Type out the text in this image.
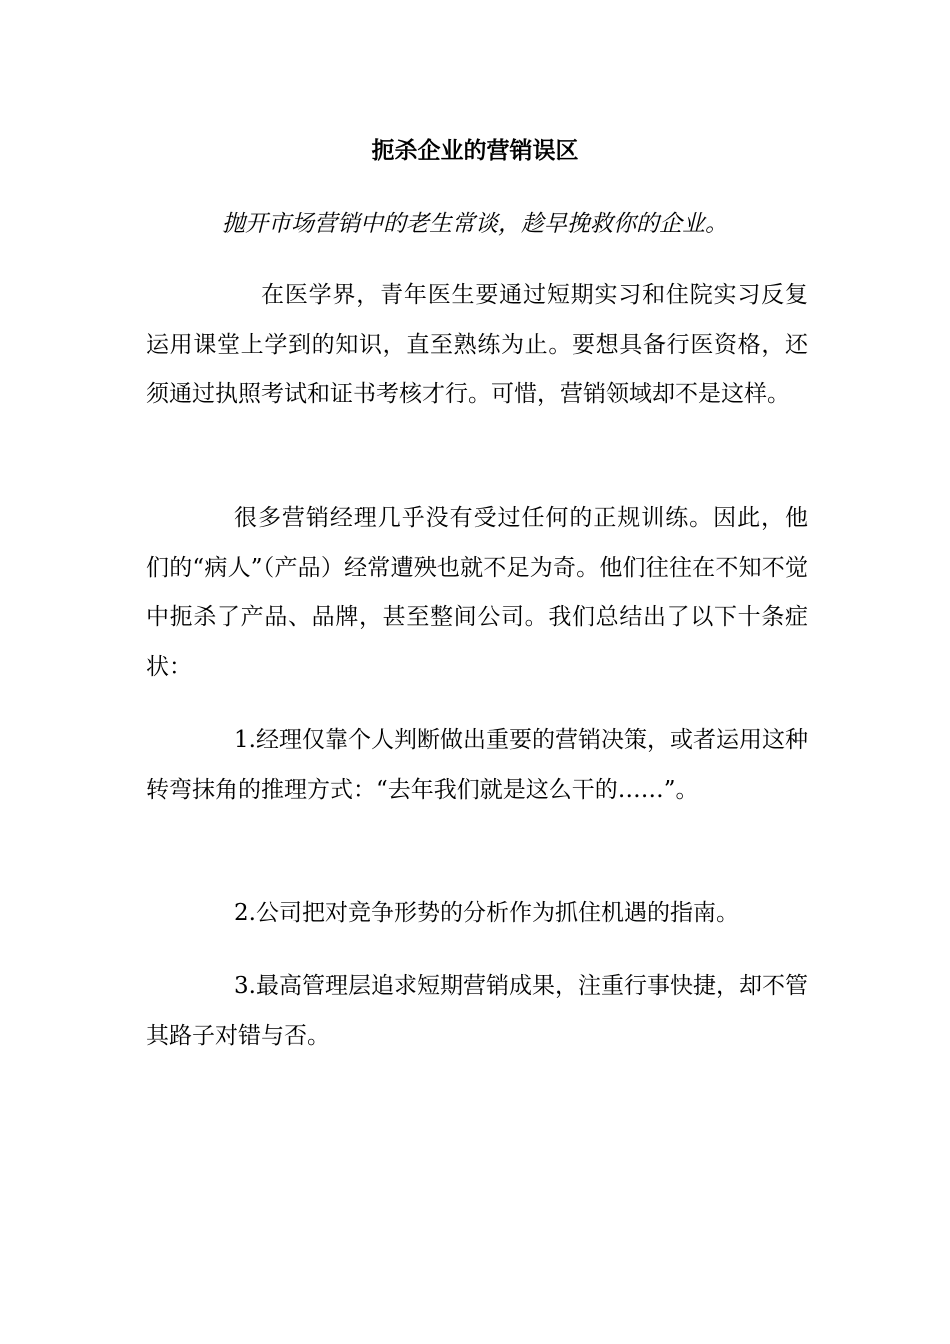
扼杀企业的营销误区

抛开市场营销中的老生常谈，趁早挽救你的企业。

在医学界，青年医生要通过短期实习和住院实习反复运用课堂上学到的知识，直至熟练为止。要想具备行医资格，还须通过执照考试和证书考核才行。可惜，营销领域却不是这样。

很多营销经理几乎没有受过任何的正规训练。因此，他们的“病人”（产品）经常遭殃也就不足为奇。他们往往在不知不觉中扼杀了产品、品牌，甚至整间公司。我们总结出了以下十条症状：

1.经理仅靠个人判断做出重要的营销决策，或者运用这种转弯抹角的推理方式：“去年我们就是这么干的……”。

2.公司把对竞争形势的分析作为抓住机遇的指南。

3.最高管理层追求短期营销成果，注重行事快捷，却不管其路子对错与否。
